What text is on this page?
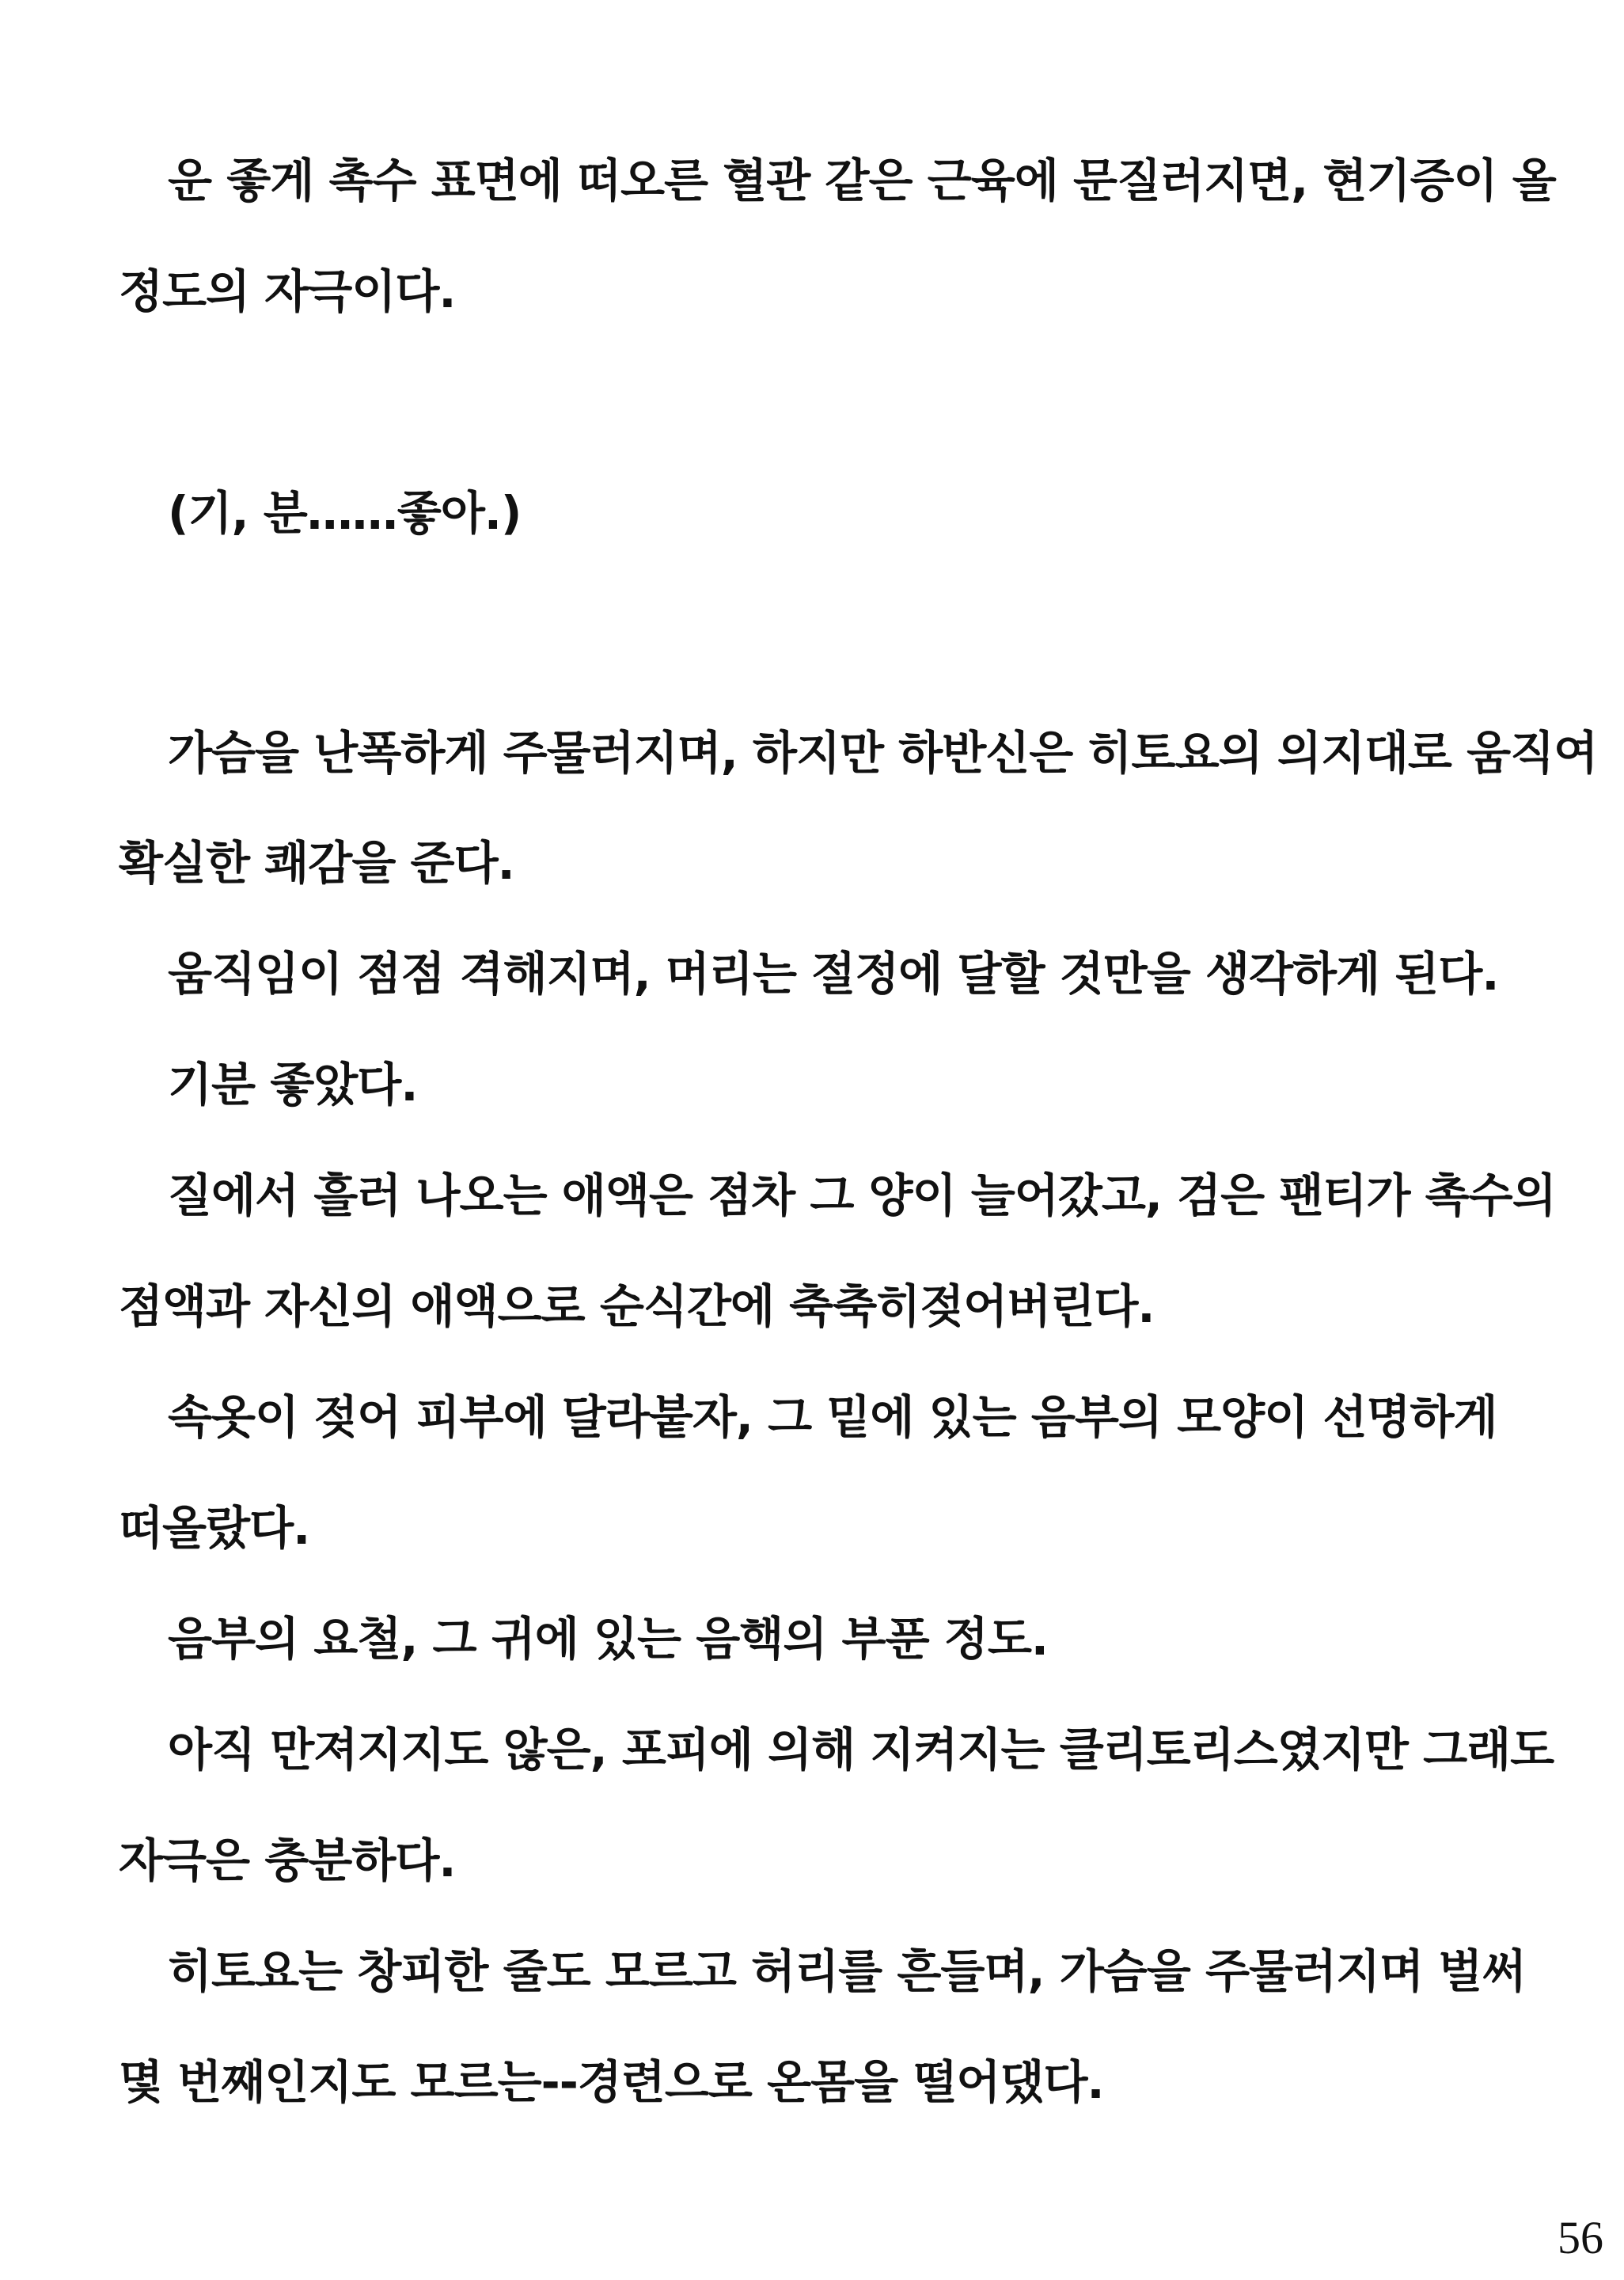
운 좋게 촉수 표면에 떠오른 혈관 같은 근육에 문질러지면, 현기증이 올
정도의 자극이다.
(기, 분……좋아.)
가슴을 난폭하게 주물러지며, 하지만 하반신은 히토요의 의지대로 움직여
확실한 쾌감을 준다.
움직임이 점점 격해지며, 머리는 절정에 달할 것만을 생각하게 된다.
기분 좋았다.
질에서 흘러 나오는 애액은 점차 그 양이 늘어갔고, 검은 팬티가 촉수의
점액과 자신의 애액으로 순식간에 축축히젖어버린다.
속옷이 젖어 피부에 달라붙자, 그 밑에 있는 음부의 모양이 선명하게
떠올랐다.
음부의 요철, 그 귀에 있는 음핵의 부푼 정도.
아직 만져지지도 않은, 포피에 의해 지켜지는 클리토리스였지만 그래도
자극은 충분하다.
히토요는 창피한 줄도 모르고 허리를 흔들며, 가슴을 주물러지며 벌써
몇 번째인지도 모르는--경련으로 온몸을 떨어댔다.
56
